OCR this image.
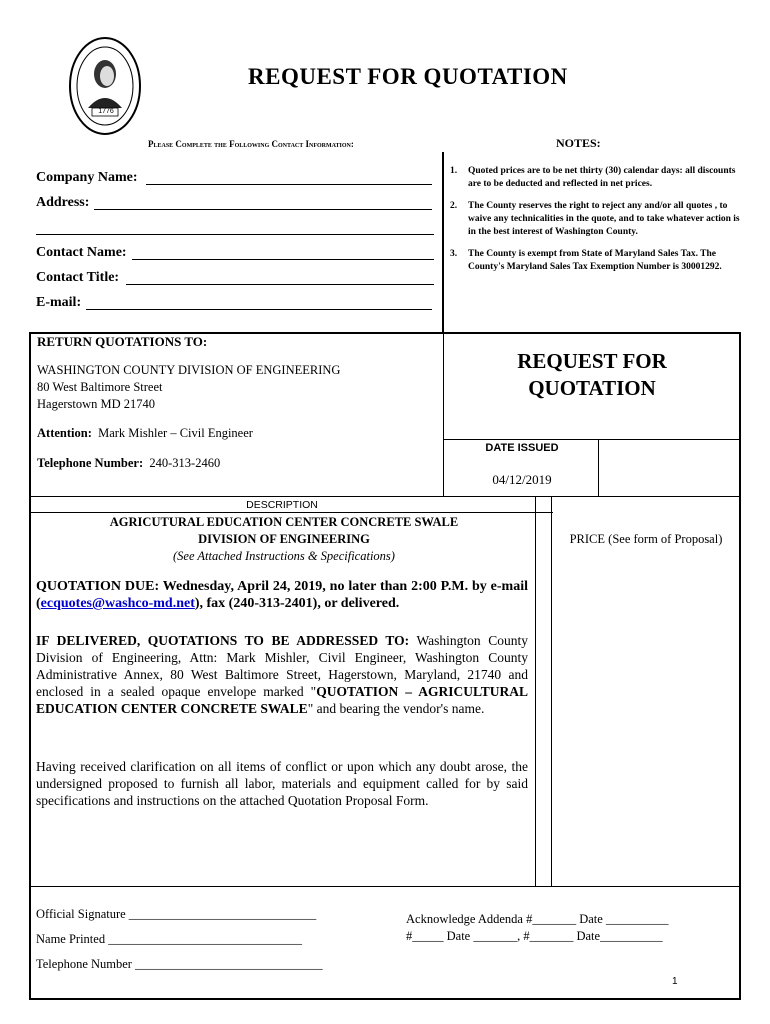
1776
REQUEST FOR QUOTATION
Please Complete the Following Contact Information:	NOTES:
Company Name:
Address:
Contact Name:
Contact Title:
E-mail:
1.	Quoted prices are to be net thirty (30) calendar days: all discounts are to be deducted and reflected in net prices.
2.	The County reserves the right to reject any and/or all quotes , to waive any technicalities in the quote, and to take whatever action is in the best interest of Washington County.
3.	The County is exempt from State of Maryland Sales Tax. The County's Maryland Sales Tax Exemption Number is 30001292.
RETURN QUOTATIONS TO:
WASHINGTON COUNTY DIVISION OF ENGINEERING
80 West Baltimore Street
Hagerstown MD 21740
Attention: Mark Mishler – Civil Engineer
Telephone Number: 240-313-2460
REQUEST FOR
QUOTATION
DATE ISSUED
04/12/2019
DESCRIPTION
AGRICUTURAL EDUCATION CENTER CONCRETE SWALE
DIVISION OF ENGINEERING
(See Attached Instructions & Specifications)
PRICE (See form of Proposal)
QUOTATION DUE: Wednesday, April 24, 2019, no later than 2:00 P.M. by e-mail (ecquotes@washco-md.net), fax (240-313-2401), or delivered.
IF DELIVERED, QUOTATIONS TO BE ADDRESSED TO: Washington County Division of Engineering, Attn: Mark Mishler, Civil Engineer, Washington County Administrative Annex, 80 West Baltimore Street, Hagerstown, Maryland, 21740 and enclosed in a sealed opaque envelope marked "QUOTATION – AGRICULTURAL EDUCATION CENTER CONCRETE SWALE" and bearing the vendor's name.
Having received clarification on all items of conflict or upon which any doubt arose, the undersigned proposed to furnish all labor, materials and equipment called for by said specifications and instructions on the attached Quotation Proposal Form.
Official Signature ______________________________
Name Printed _______________________________
Telephone Number ______________________________
Acknowledge Addenda #_______ Date __________
#_____ Date _______, #_______ Date__________
1
